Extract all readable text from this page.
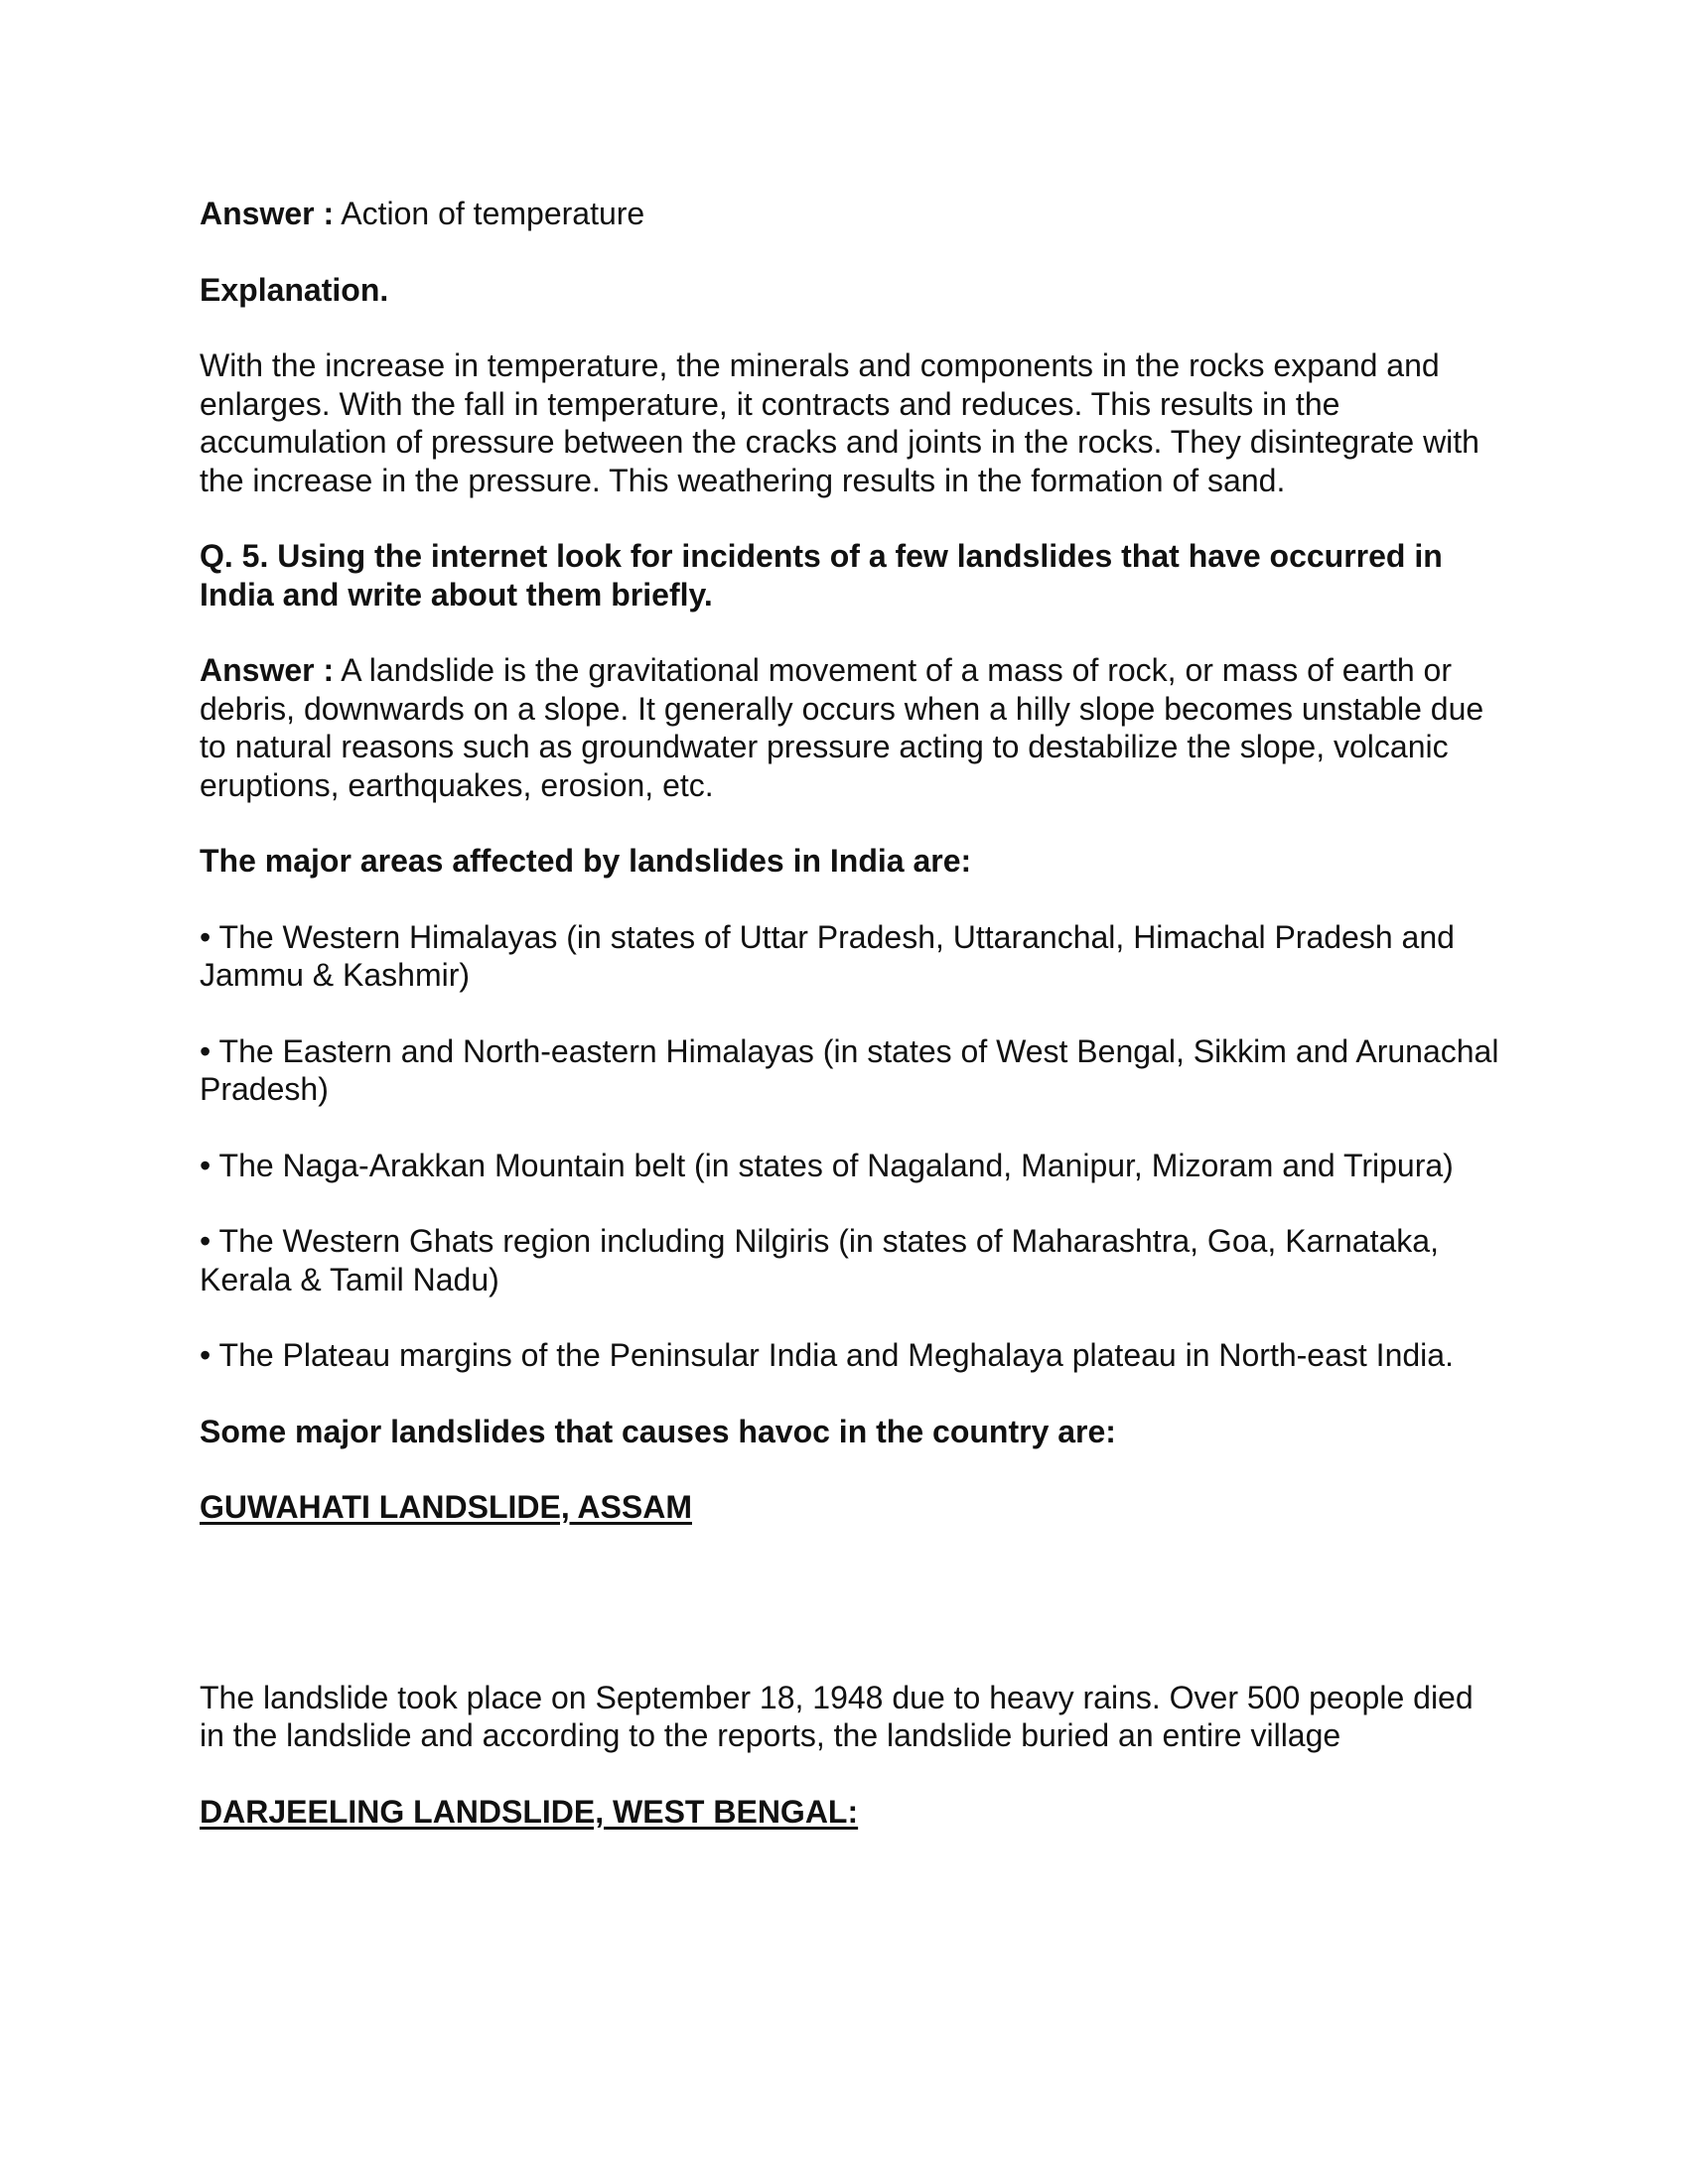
Answer : Action of temperature

Explanation.

With the increase in temperature, the minerals and components in the rocks expand and enlarges. With the fall in temperature, it contracts and reduces. This results in the accumulation of pressure between the cracks and joints in the rocks. They disintegrate with the increase in the pressure. This weathering results in the formation of sand.

Q. 5. Using the internet look for incidents of a few landslides that have occurred in India and write about them briefly.

Answer : A landslide is the gravitational movement of a mass of rock, or mass of earth or debris, downwards on a slope. It generally occurs when a hilly slope becomes unstable due to natural reasons such as groundwater pressure acting to destabilize the slope, volcanic eruptions, earthquakes, erosion, etc.

The major areas affected by landslides in India are:

• The Western Himalayas (in states of Uttar Pradesh, Uttaranchal, Himachal Pradesh and Jammu & Kashmir)

• The Eastern and North-eastern Himalayas (in states of West Bengal, Sikkim and Arunachal Pradesh)

• The Naga-Arakkan Mountain belt (in states of Nagaland, Manipur, Mizoram and Tripura)

• The Western Ghats region including Nilgiris (in states of Maharashtra, Goa, Karnataka, Kerala & Tamil Nadu)

• The Plateau margins of the Peninsular India and Meghalaya plateau in North-east India.

Some major landslides that causes havoc in the country are:

GUWAHATI LANDSLIDE, ASSAM

The landslide took place on September 18, 1948 due to heavy rains. Over 500 people died in the landslide and according to the reports, the landslide buried an entire village

DARJEELING LANDSLIDE, WEST BENGAL:
